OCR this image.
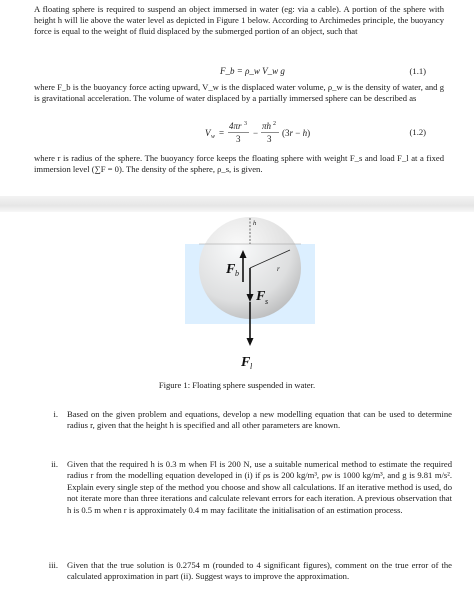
A floating sphere is required to suspend an object immersed in water (eg: via a cable). A portion of the sphere with height h will lie above the water level as depicted in Figure 1 below. According to Archimedes principle, the buoyancy force is equal to the weight of fluid displaced by the submerged portion of an object, such that
F_b = ρ_w V_w g	(1.1)
where F_b is the buoyancy force acting upward, V_w is the displaced water volume, ρ_w is the density of water, and g is gravitational acceleration. The volume of water displaced by a partially immersed sphere can be described as
V w =
4πr 3
3
−
πh 2
3
(3r − h)	(1.2)
where r is radius of the sphere. The buoyancy force keeps the floating sphere with weight F_s and load F_l at a fixed immersion level (∑F = 0). The density of the sphere, ρ_s, is given.
h
F b	r
F s
F l
Figure 1: Floating sphere suspended in water.
i. Based on the given problem and equations, develop a new modelling equation that can be used to determine radius r, given that the height h is specified and all other parameters are known.
ii. Given that the required h is 0.3 m when Fl is 200 N, use a suitable numerical method to estimate the required radius r from the modelling equation developed in (i) if ρs is 200 kg/m³, ρw is 1000 kg/m³, and g is 9.81 m/s². Explain every single step of the method you choose and show all calculations. If an iterative method is used, do not iterate more than three iterations and calculate relevant errors for each iteration. A previous observation that h is 0.5 m when r is approximately 0.4 m may facilitate the initialisation of an estimation process.
iii. Given that the true solution is 0.2754 m (rounded to 4 significant figures), comment on the true error of the calculated approximation in part (ii). Suggest ways to improve the approximation.
